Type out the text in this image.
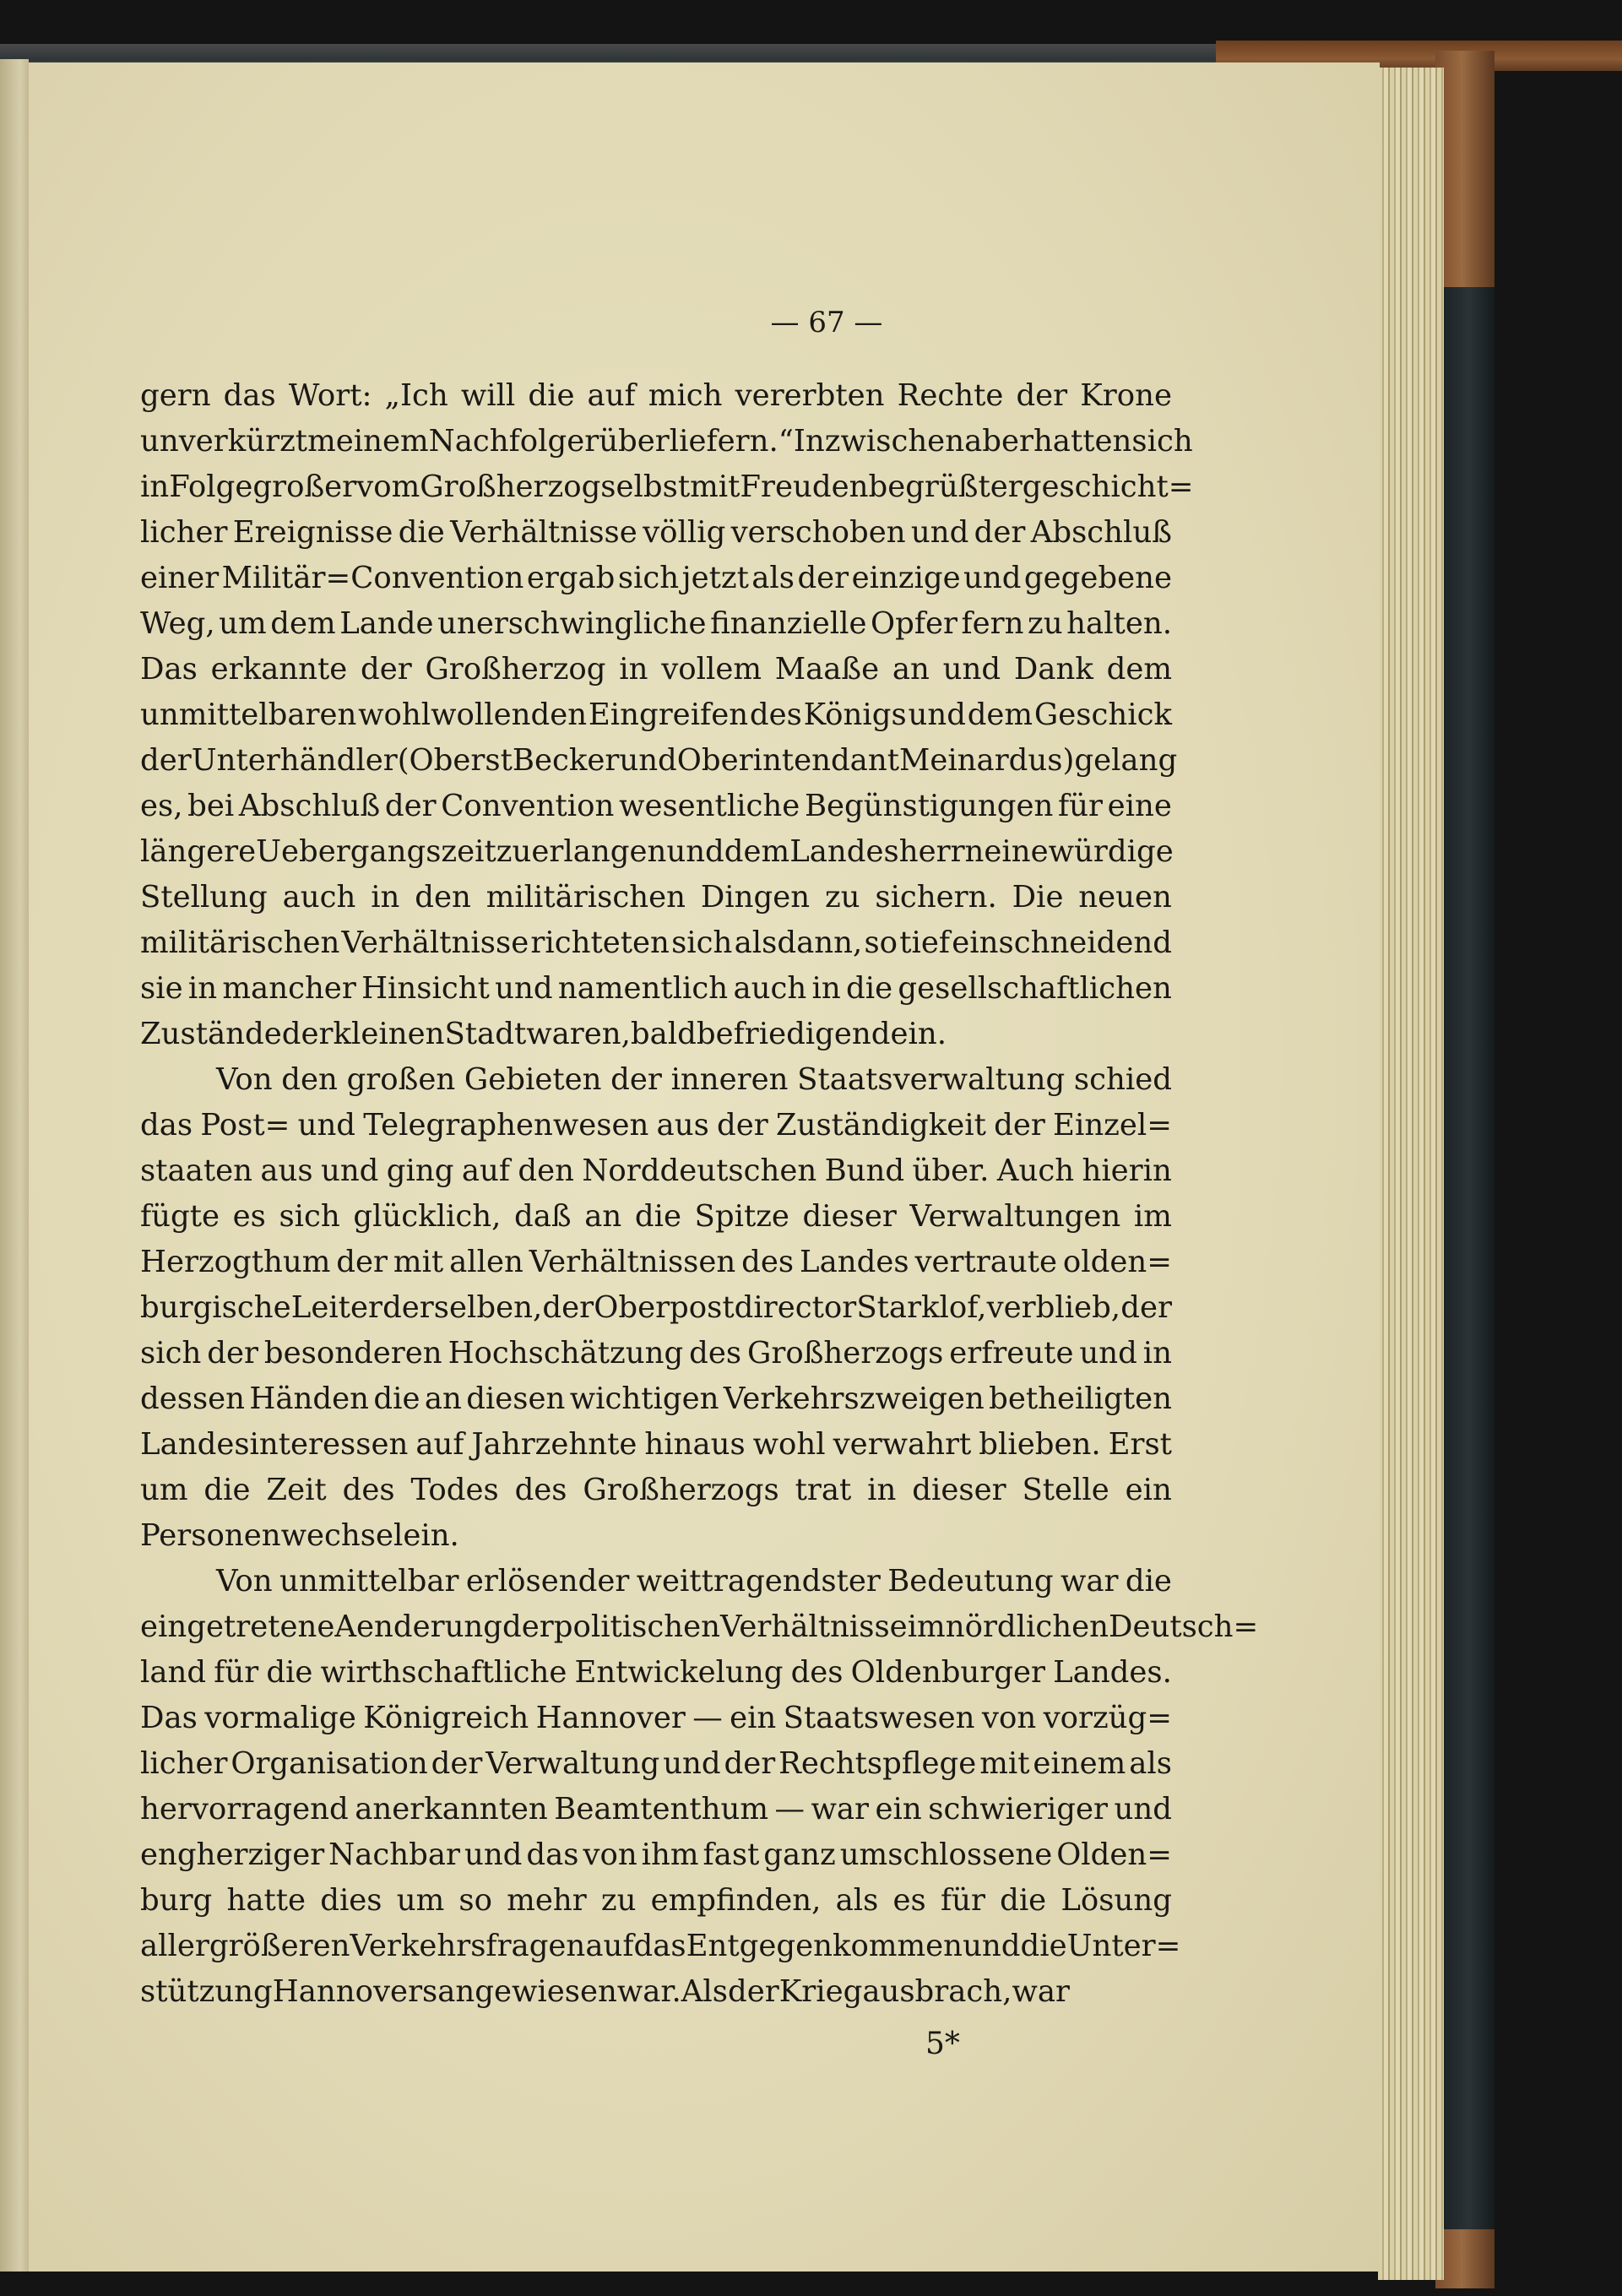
— 67 —
gern das Wort: „Ich will die auf mich vererbten Rechte der Krone
unverkürzt meinem Nachfolger überliefern.“ Inzwischen aber hatten sich
in Folge großer vom Großherzog selbst mit Freuden begrüßter geschicht=
licher Ereignisse die Verhältnisse völlig verschoben und der Abschluß
einer Militär=Convention ergab sich jetzt als der einzige und gegebene
Weg, um dem Lande unerschwingliche finanzielle Opfer fern zu halten.
Das erkannte der Großherzog in vollem Maaße an und Dank dem
unmittelbaren wohlwollenden Eingreifen des Königs und dem Geschick
der Unterhändler (Oberst Becker und Oberintendant Meinardus) gelang
es, bei Abschluß der Convention wesentliche Begünstigungen für eine
längere Uebergangszeit zu erlangen und dem Landesherrn eine würdige
Stellung auch in den militärischen Dingen zu sichern. Die neuen
militärischen Verhältnisse richteten sich alsdann, so tief einschneidend
sie in mancher Hinsicht und namentlich auch in die gesellschaftlichen
Zustände der kleinen Stadt waren, bald befriedigend ein.
Von den großen Gebieten der inneren Staatsverwaltung schied
das Post= und Telegraphenwesen aus der Zuständigkeit der Einzel=
staaten aus und ging auf den Norddeutschen Bund über. Auch hierin
fügte es sich glücklich, daß an die Spitze dieser Verwaltungen im
Herzogthum der mit allen Verhältnissen des Landes vertraute olden=
burgische Leiter derselben, der Oberpostdirector Starklof, verblieb, der
sich der besonderen Hochschätzung des Großherzogs erfreute und in
dessen Händen die an diesen wichtigen Verkehrszweigen betheiligten
Landesinteressen auf Jahrzehnte hinaus wohl verwahrt blieben. Erst
um die Zeit des Todes des Großherzogs trat in dieser Stelle ein
Personenwechsel ein.
Von unmittelbar erlösender weittragendster Bedeutung war die
eingetretene Aenderung der politischen Verhältnisse im nördlichen Deutsch=
land für die wirthschaftliche Entwickelung des Oldenburger Landes.
Das vormalige Königreich Hannover — ein Staatswesen von vorzüg=
licher Organisation der Verwaltung und der Rechtspflege mit einem als
hervorragend anerkannten Beamtenthum — war ein schwieriger und
engherziger Nachbar und das von ihm fast ganz umschlossene Olden=
burg hatte dies um so mehr zu empfinden, als es für die Lösung
aller größeren Verkehrsfragen auf das Entgegenkommen und die Unter=
stützung Hannovers angewiesen war. Als der Krieg ausbrach, war
5*
